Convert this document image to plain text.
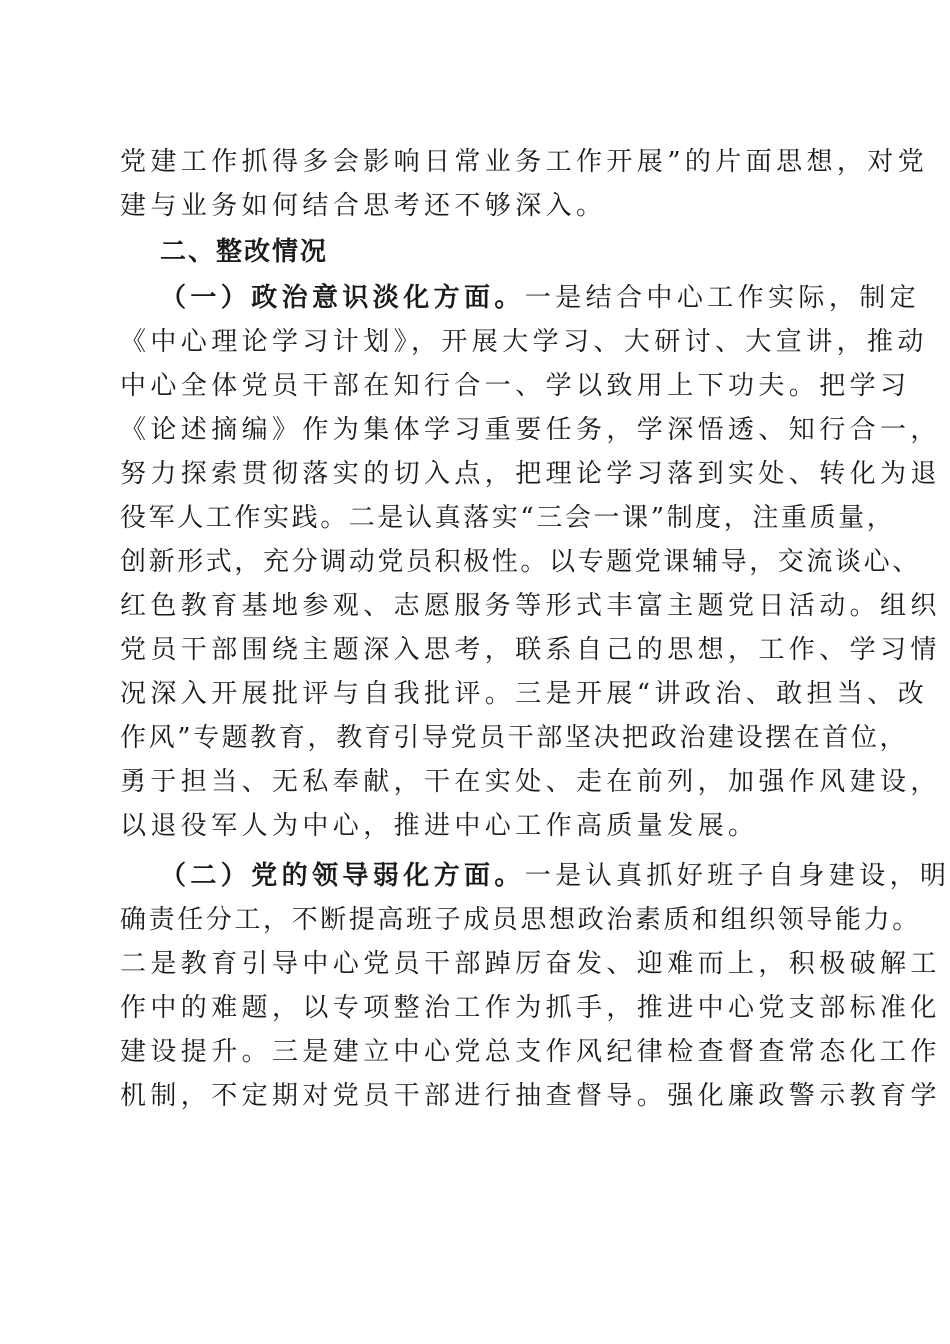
党建工作抓得多会影响日常业务工作开展”的片面思想，对党
建与业务如何结合思考还不够深入。
二、整改情况
（一）政治意识淡化方面。一是结合中心工作实际，制定
《中心理论学习计划》，开展大学习、大研讨、大宣讲，推动
中心全体党员干部在知行合一、学以致用上下功夫。把学习
《论述摘编》作为集体学习重要任务，学深悟透、知行合一，
努力探索贯彻落实的切入点，把理论学习落到实处、转化为退
役军人工作实践。二是认真落实“三会一课”制度，注重质量，
创新形式，充分调动党员积极性。以专题党课辅导，交流谈心、
红色教育基地参观、志愿服务等形式丰富主题党日活动。组织
党员干部围绕主题深入思考，联系自己的思想，工作、学习情
况深入开展批评与自我批评。三是开展“讲政治、敢担当、改
作风”专题教育，教育引导党员干部坚决把政治建设摆在首位，
勇于担当、无私奉献，干在实处、走在前列，加强作风建设，
以退役军人为中心，推进中心工作高质量发展。
（二）党的领导弱化方面。一是认真抓好班子自身建设，明
确责任分工，不断提高班子成员思想政治素质和组织领导能力。
二是教育引导中心党员干部踔厉奋发、迎难而上，积极破解工
作中的难题，以专项整治工作为抓手，推进中心党支部标准化
建设提升。三是建立中心党总支作风纪律检查督查常态化工作
机制，不定期对党员干部进行抽查督导。强化廉政警示教育学
